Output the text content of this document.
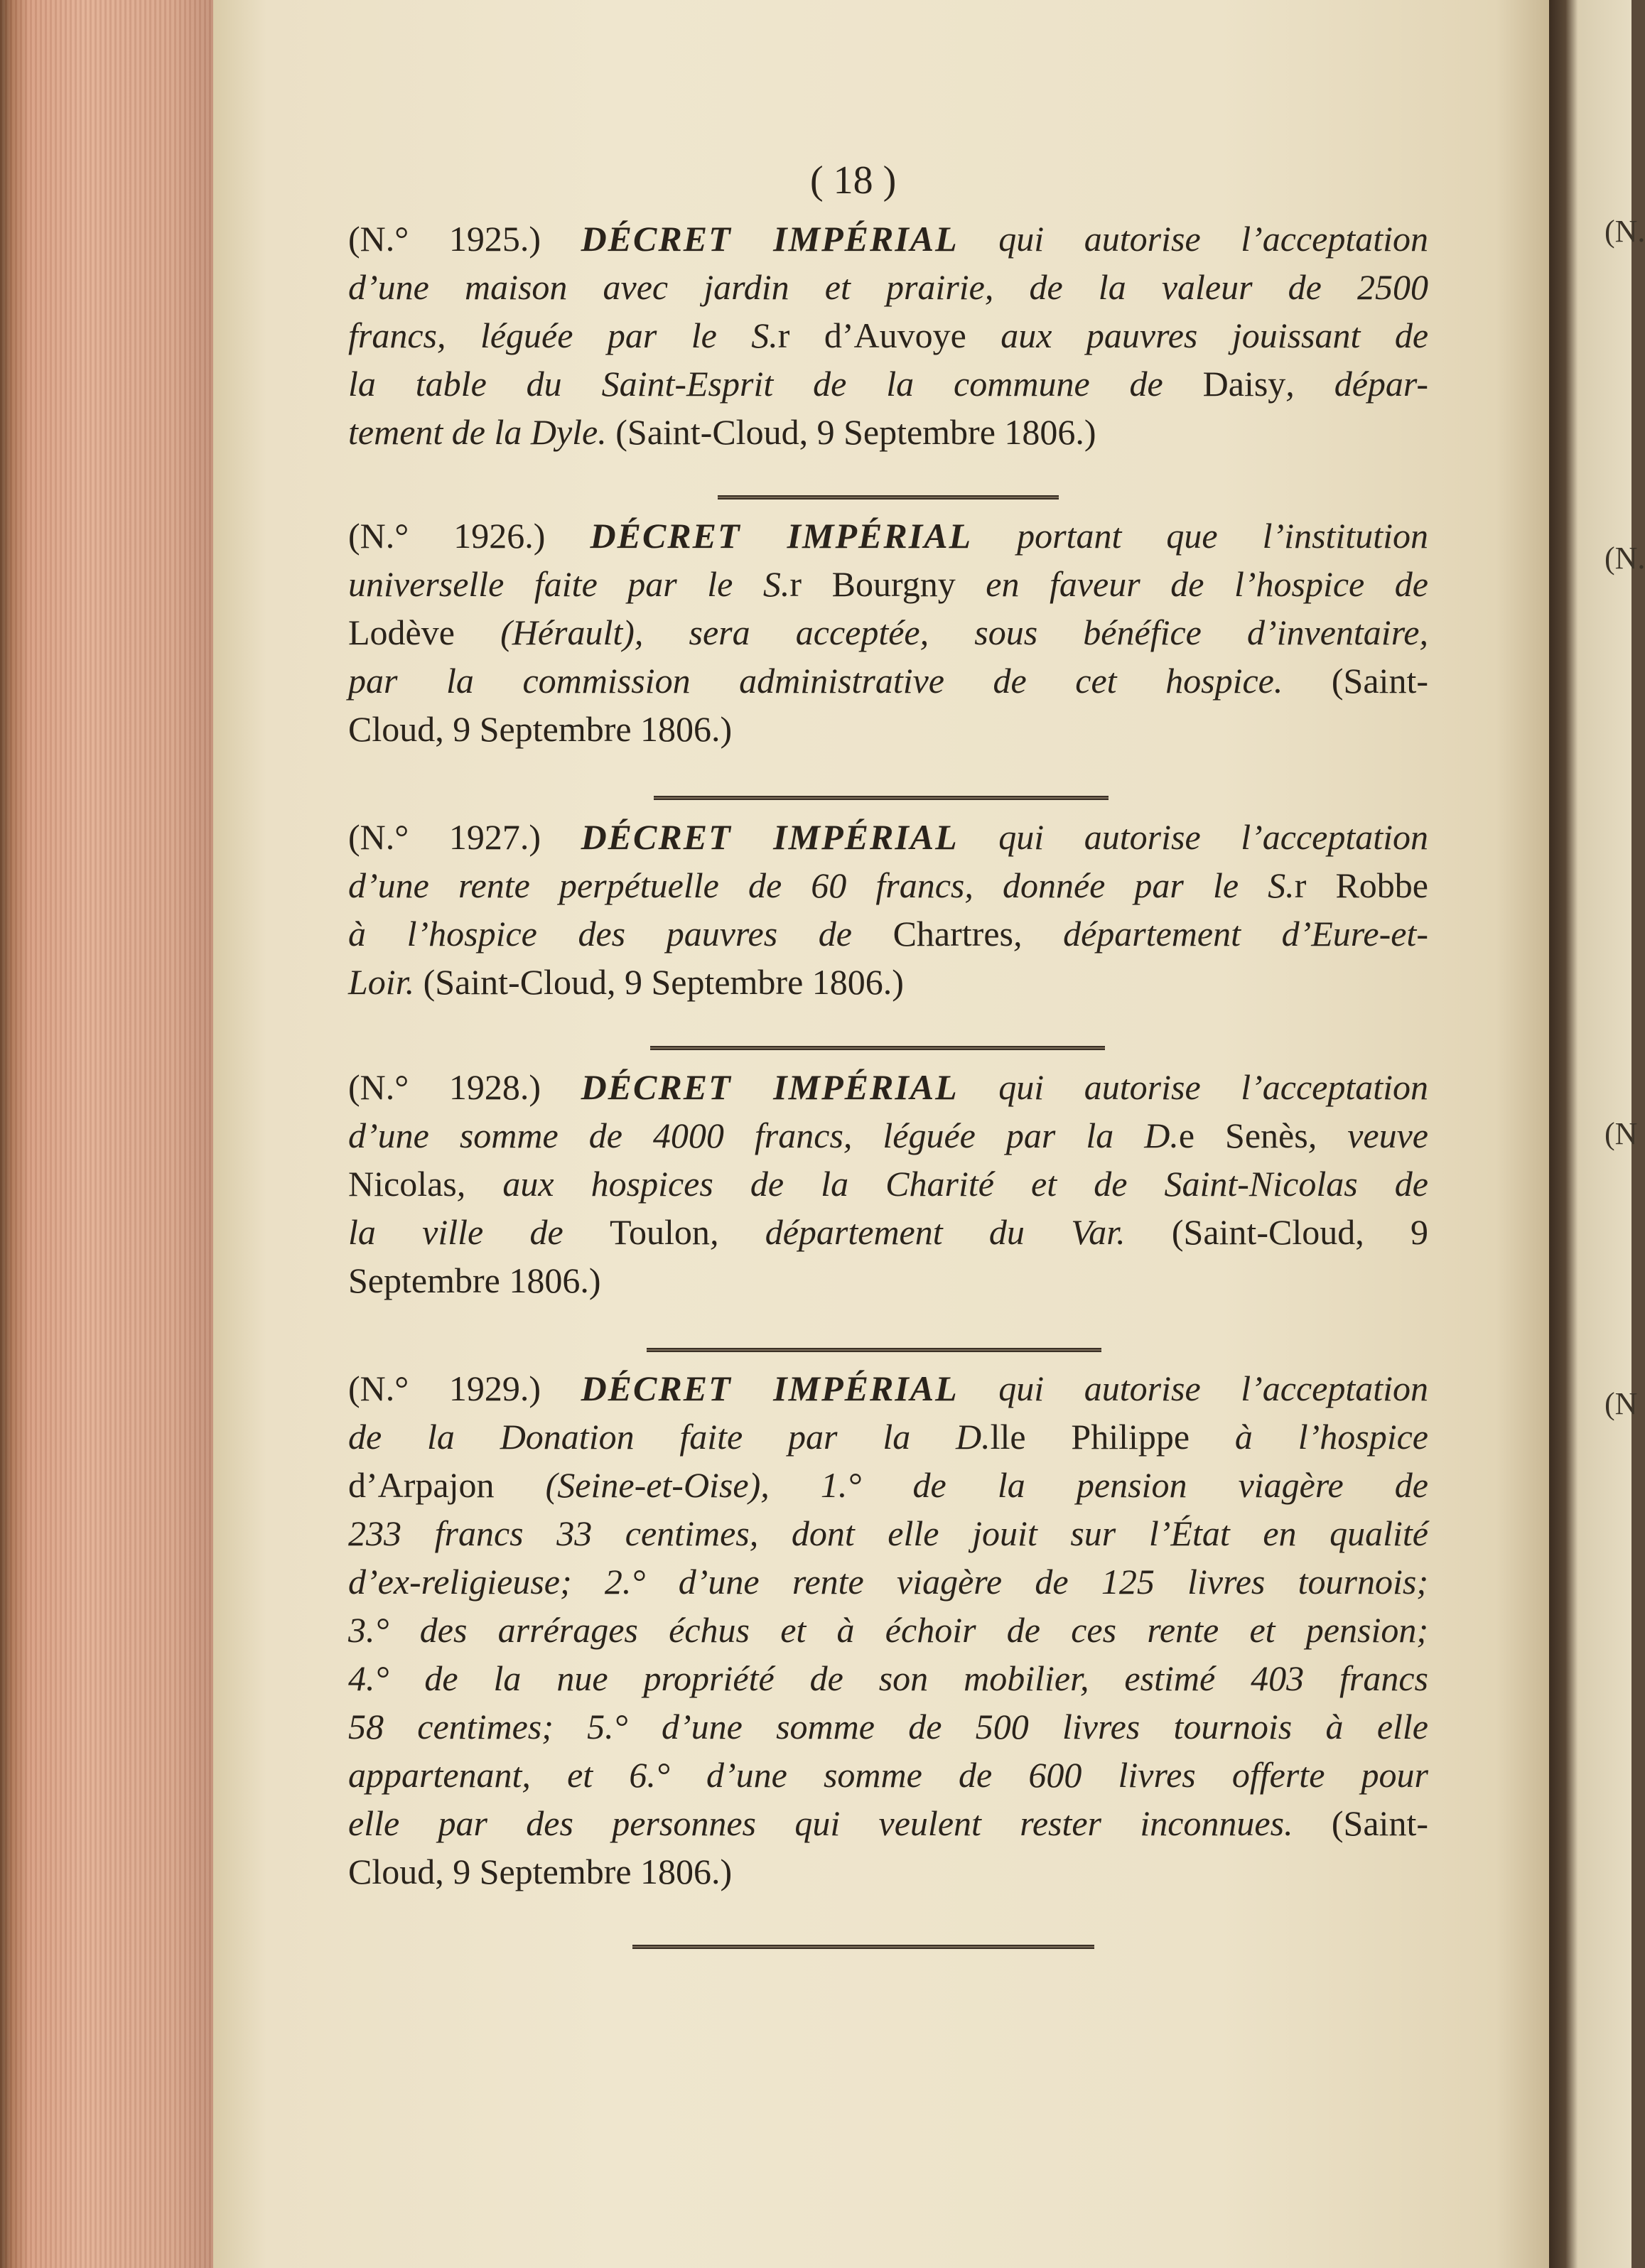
(N.
(N.
(N
(N
( 18 )
(N.° 1925.) DÉCRET IMPÉRIAL qui autorise l’acceptation
d’une maison avec jardin et prairie, de la valeur de 2500
francs, léguée par le S.r d’Auvoye aux pauvres jouissant de
la table du Saint-Esprit de la commune de Daisy, dépar-
tement de la Dyle. (Saint-Cloud, 9 Septembre 1806.)
(N.° 1926.) DÉCRET IMPÉRIAL portant que l’institution
universelle faite par le S.r Bourgny en faveur de l’hospice de
Lodève (Hérault), sera acceptée, sous bénéfice d’inventaire,
par la commission administrative de cet hospice. (Saint-
Cloud, 9 Septembre 1806.)
(N.° 1927.) DÉCRET IMPÉRIAL qui autorise l’acceptation
d’une rente perpétuelle de 60 francs, donnée par le S.r Robbe
à l’hospice des pauvres de Chartres, département d’Eure-et-
Loir. (Saint-Cloud, 9 Septembre 1806.)
(N.° 1928.) DÉCRET IMPÉRIAL qui autorise l’acceptation
d’une somme de 4000 francs, léguée par la D.e Senès, veuve
Nicolas, aux hospices de la Charité et de Saint-Nicolas de
la ville de Toulon, département du Var. (Saint-Cloud, 9
Septembre 1806.)
(N.° 1929.) DÉCRET IMPÉRIAL qui autorise l’acceptation
de la Donation faite par la D.lle Philippe à l’hospice
d’Arpajon (Seine-et-Oise), 1.° de la pension viagère de
233 francs 33 centimes, dont elle jouit sur l’État en qualité
d’ex-religieuse; 2.° d’une rente viagère de 125 livres tournois;
3.° des arrérages échus et à échoir de ces rente et pension;
4.° de la nue propriété de son mobilier, estimé 403 francs
58 centimes; 5.° d’une somme de 500 livres tournois à elle
appartenant, et 6.° d’une somme de 600 livres offerte pour
elle par des personnes qui veulent rester inconnues. (Saint-
Cloud, 9 Septembre 1806.)
